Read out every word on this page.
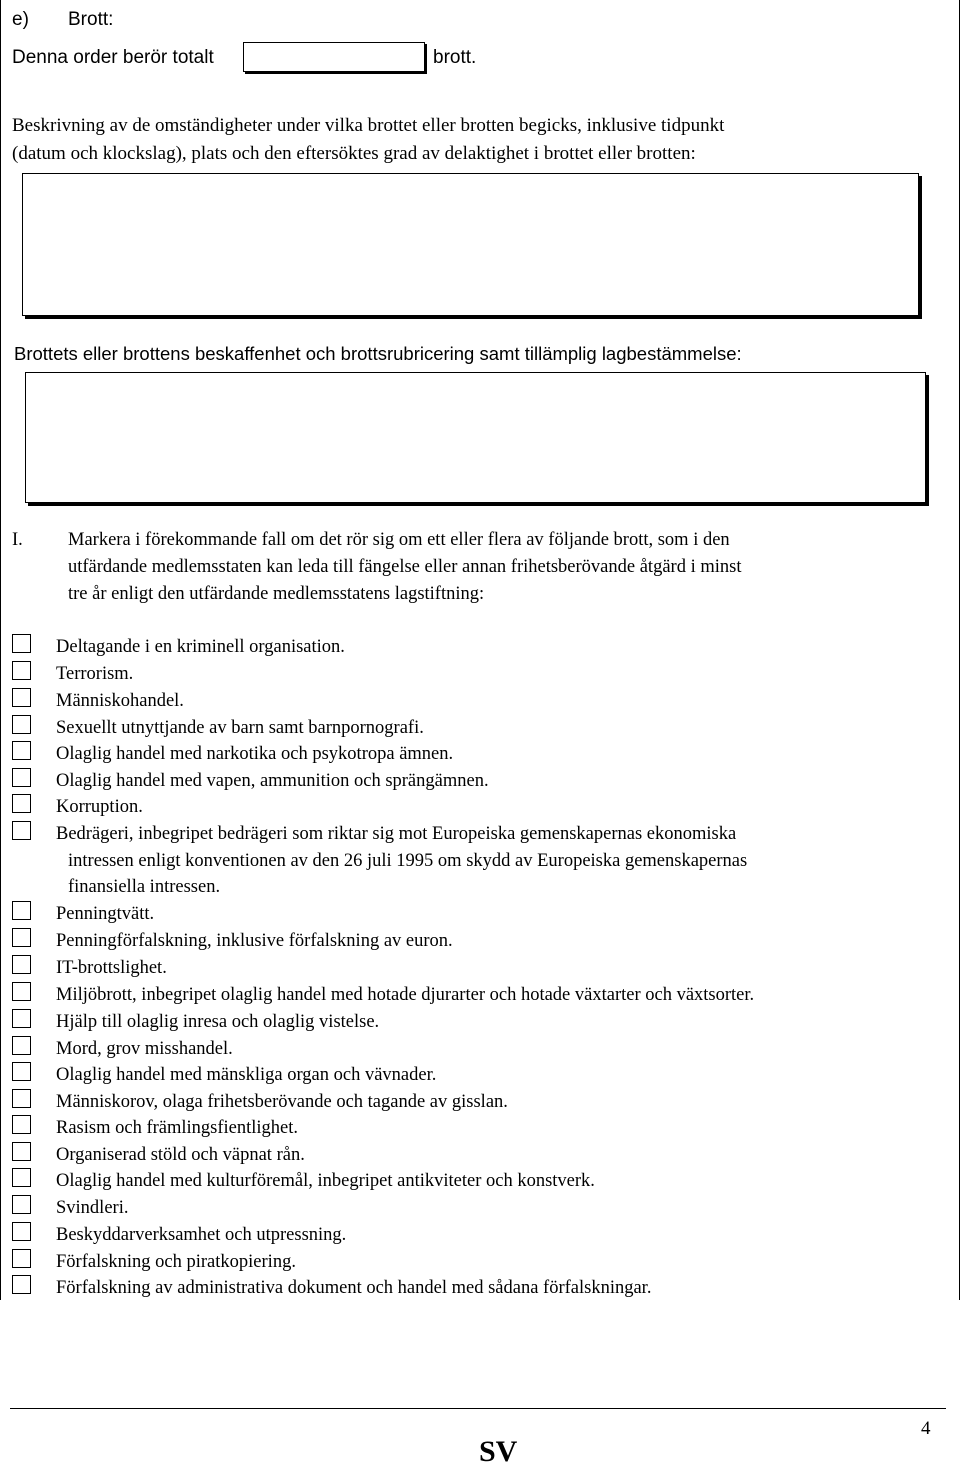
e) Brott:
Denna order berör totalt	brott.
Beskrivning av de omständigheter under vilka brottet eller brotten begicks, inklusive tidpunkt
(datum och klockslag), plats och den eftersöktes grad av delaktighet i brottet eller brotten:
Brottets eller brottens beskaffenhet och brottsrubricering samt tillämplig lagbestämmelse:
I. Markera i förekommande fall om det rör sig om ett eller flera av följande brott, som i den
utfärdande medlemsstaten kan leda till fängelse eller annan frihetsberövande åtgärd i minst
tre år enligt den utfärdande medlemsstatens lagstiftning:
Deltagande i en kriminell organisation.
Terrorism.
Människohandel.
Sexuellt utnyttjande av barn samt barnpornografi.
Olaglig handel med narkotika och psykotropa ämnen.
Olaglig handel med vapen, ammunition och sprängämnen.
Korruption.
Bedrägeri, inbegripet bedrägeri som riktar sig mot Europeiska gemenskapernas ekonomiska
intressen enligt konventionen av den 26 juli 1995 om skydd av Europeiska gemenskapernas
finansiella intressen.
Penningtvätt.
Penningförfalskning, inklusive förfalskning av euron.
IT-brottslighet.
Miljöbrott, inbegripet olaglig handel med hotade djurarter och hotade växtarter och växtsorter.
Hjälp till olaglig inresa och olaglig vistelse.
Mord, grov misshandel.
Olaglig handel med mänskliga organ och vävnader.
Människorov, olaga frihetsberövande och tagande av gisslan.
Rasism och främlingsfientlighet.
Organiserad stöld och väpnat rån.
Olaglig handel med kulturföremål, inbegripet antikviteter och konstverk.
Svindleri.
Beskyddarverksamhet och utpressning.
Förfalskning och piratkopiering.
Förfalskning av administrativa dokument och handel med sådana förfalskningar.
4
SV
